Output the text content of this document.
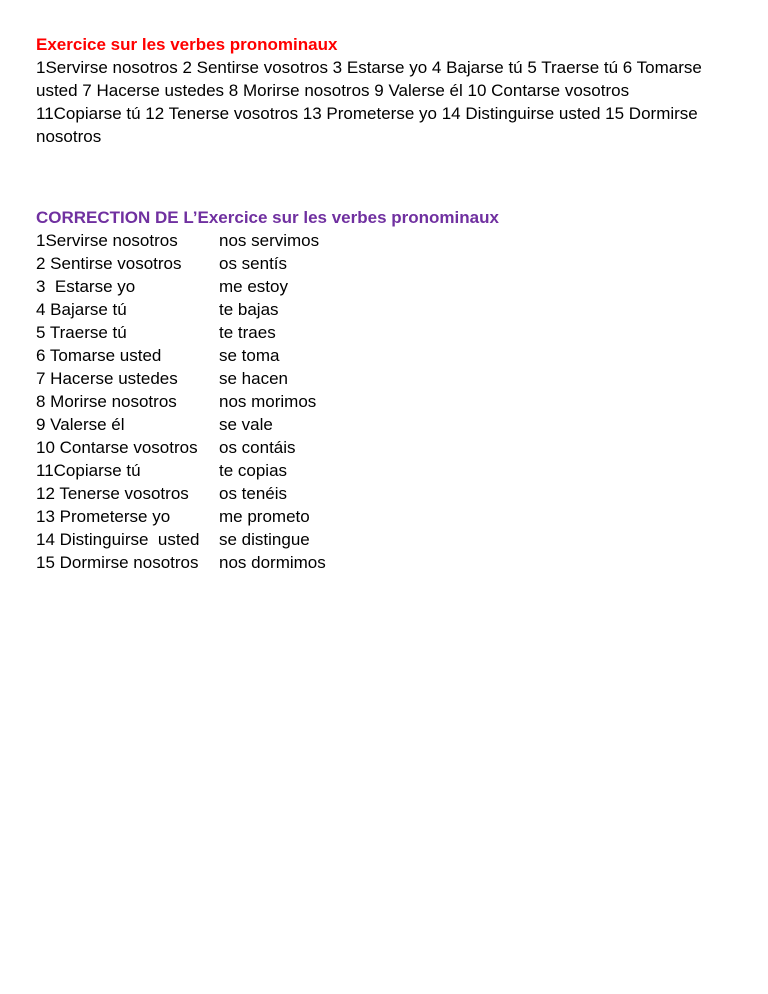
Exercice sur les verbes pronominaux

1Servirse nosotros 2 Sentirse vosotros 3 Estarse yo 4 Bajarse tú 5 Traerse tú 6 Tomarse usted 7 Hacerse ustedes 8 Morirse nosotros 9 Valerse él 10 Contarse vosotros 11Copiarse tú 12 Tenerse vosotros 13 Prometerse yo 14 Distinguirse usted 15 Dormirse nosotros

CORRECTION DE L’Exercice sur les verbes pronominaux
1Servirse nosotros	nos servimos
2 Sentirse vosotros	os sentís
3  Estarse yo	me estoy
4 Bajarse tú	te bajas
5 Traerse tú	te traes
6 Tomarse usted	se toma
7 Hacerse ustedes	se hacen
8 Morirse nosotros	nos morimos
9 Valerse él	se vale
10 Contarse vosotros	os contáis
11Copiarse tú	te copias
12 Tenerse vosotros	os tenéis
13 Prometerse yo	me prometo
14 Distinguirse  usted	se distingue
15 Dormirse nosotros	nos dormimos
